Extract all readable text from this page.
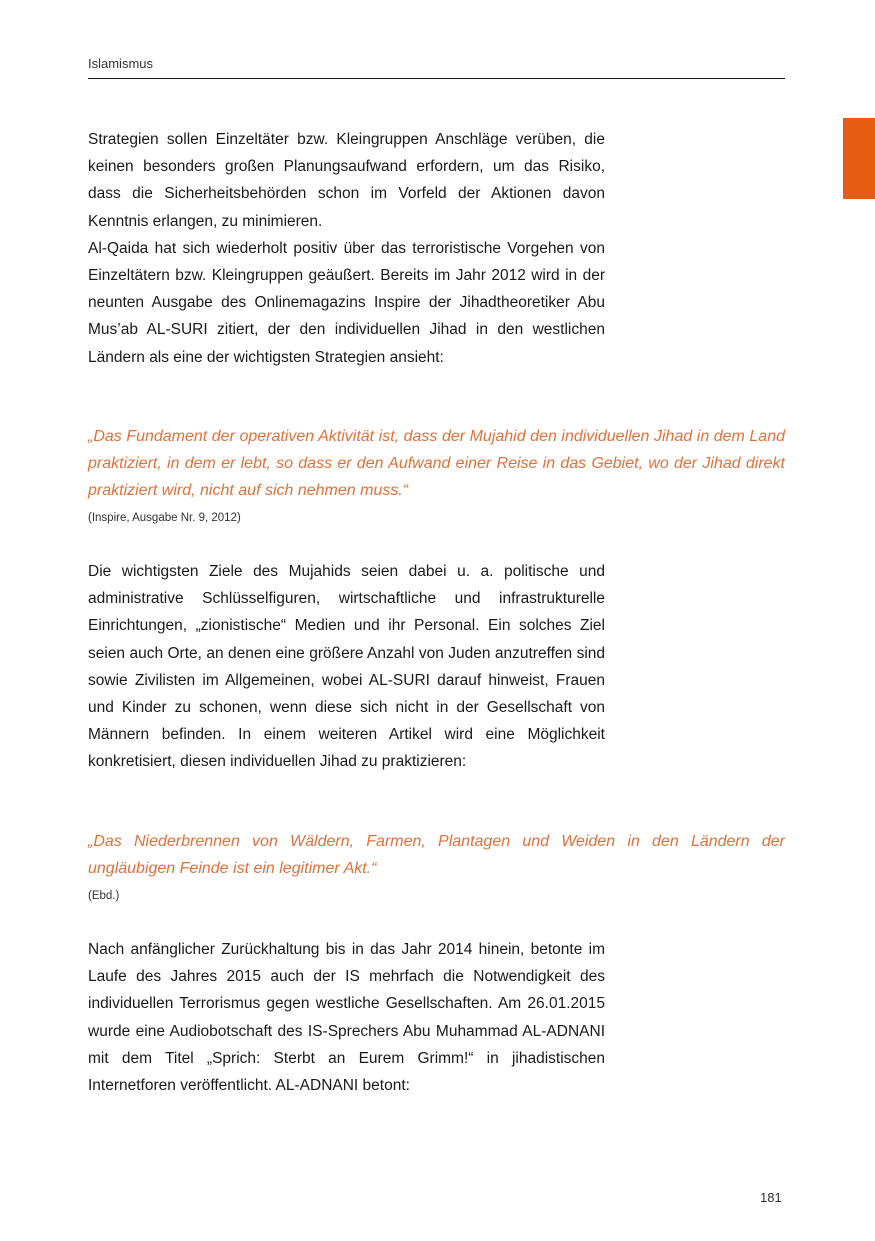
Islamismus

Strategien sollen Einzeltäter bzw. Kleingruppen Anschläge verüben, die keinen besonders großen Planungsaufwand erfordern, um das Risiko, dass die Sicherheitsbehörden schon im Vorfeld der Aktionen davon Kenntnis erlangen, zu minimieren.

Al-Qaida hat sich wiederholt positiv über das terroristische Vorgehen von Einzeltätern bzw. Kleingruppen geäußert. Bereits im Jahr 2012 wird in der neunten Ausgabe des Onlinemagazins Inspire der Jihadtheoretiker Abu Mus’ab AL-SURI zitiert, der den individuellen Jihad in den westlichen Ländern als eine der wichtigsten Strategien ansieht:

„Das Fundament der operativen Aktivität ist, dass der Mujahid den individuellen Jihad in dem Land praktiziert, in dem er lebt, so dass er den Aufwand einer Reise in das Gebiet, wo der Jihad direkt praktiziert wird, nicht auf sich nehmen muss.“
(Inspire, Ausgabe Nr. 9, 2012)

Die wichtigsten Ziele des Mujahids seien dabei u. a. politische und administrative Schlüsselfiguren, wirtschaftliche und infrastrukturelle Einrichtungen, „zionistische“ Medien und ihr Personal. Ein solches Ziel seien auch Orte, an denen eine größere Anzahl von Juden anzutreffen sind sowie Zivilisten im Allgemeinen, wobei AL-SURI darauf hinweist, Frauen und Kinder zu schonen, wenn diese sich nicht in der Gesellschaft von Männern befinden. In einem weiteren Artikel wird eine Möglichkeit konkretisiert, diesen individuellen Jihad zu praktizieren:

„Das Niederbrennen von Wäldern, Farmen, Plantagen und Weiden in den Ländern der ungläubigen Feinde ist ein legitimer Akt.“
(Ebd.)

Nach anfänglicher Zurückhaltung bis in das Jahr 2014 hinein, betonte im Laufe des Jahres 2015 auch der IS mehrfach die Notwendigkeit des individuellen Terrorismus gegen westliche Gesellschaften. Am 26.01.2015 wurde eine Audiobotschaft des IS-Sprechers Abu Muhammad AL-ADNANI mit dem Titel „Sprich: Sterbt an Eurem Grimm!“ in jihadistischen Internetforen veröffentlicht. AL-ADNANI betont:

181
